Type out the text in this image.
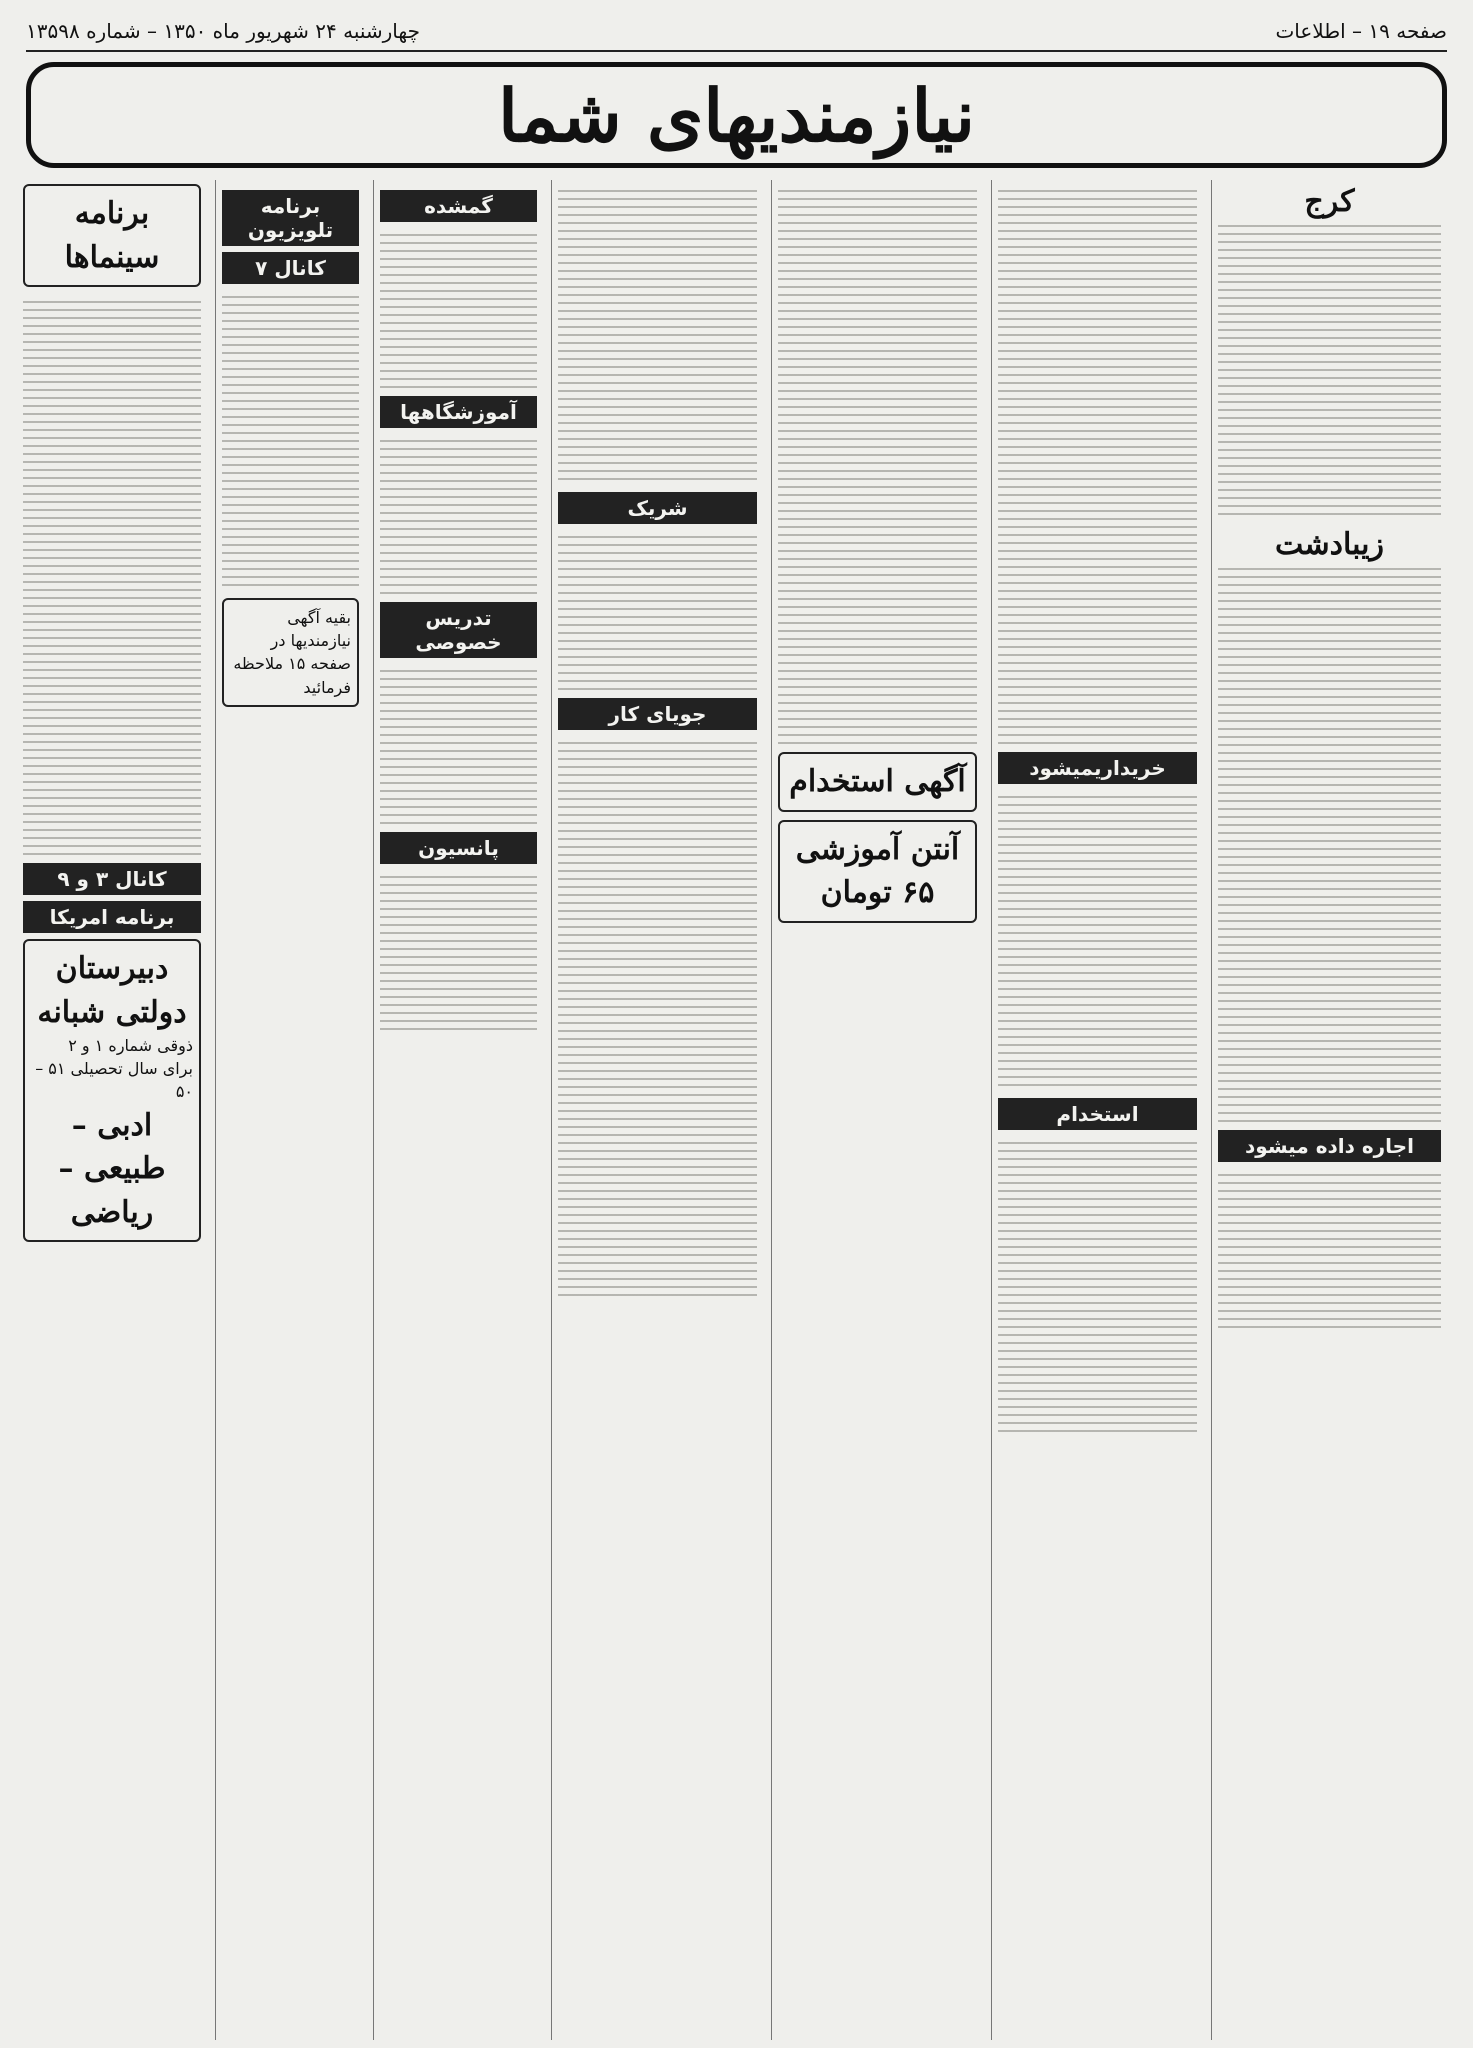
صفحه ۱۹ – اطلاعات
چهارشنبه ۲۴ شهریور ماه ۱۳۵۰ – شماره ۱۳۵۹۸
نیازمندیهای شما
کرج
زیبادشت
اجاره داده میشود
خریداریمیشود
استخدام
آگهی استخدام
آنتن آموزشی ۶۵ تومان
شریک
جویای کار
گمشده
آموزشگاهها
تدریس خصوصی
پانسیون
برنامه تلویزیون
کانال ۷
بقیه آگهی نیازمندیها در صفحه ۱۵ ملاحظه فرمائید
برنامه سینماها
کانال ۳ و ۹
برنامه امریکا
دبیرستان دولتی شبانه
ذوقی شماره ۱ و ۲
برای سال تحصیلی ۵۱ – ۵۰
ادبی – طبیعی – ریاضی
